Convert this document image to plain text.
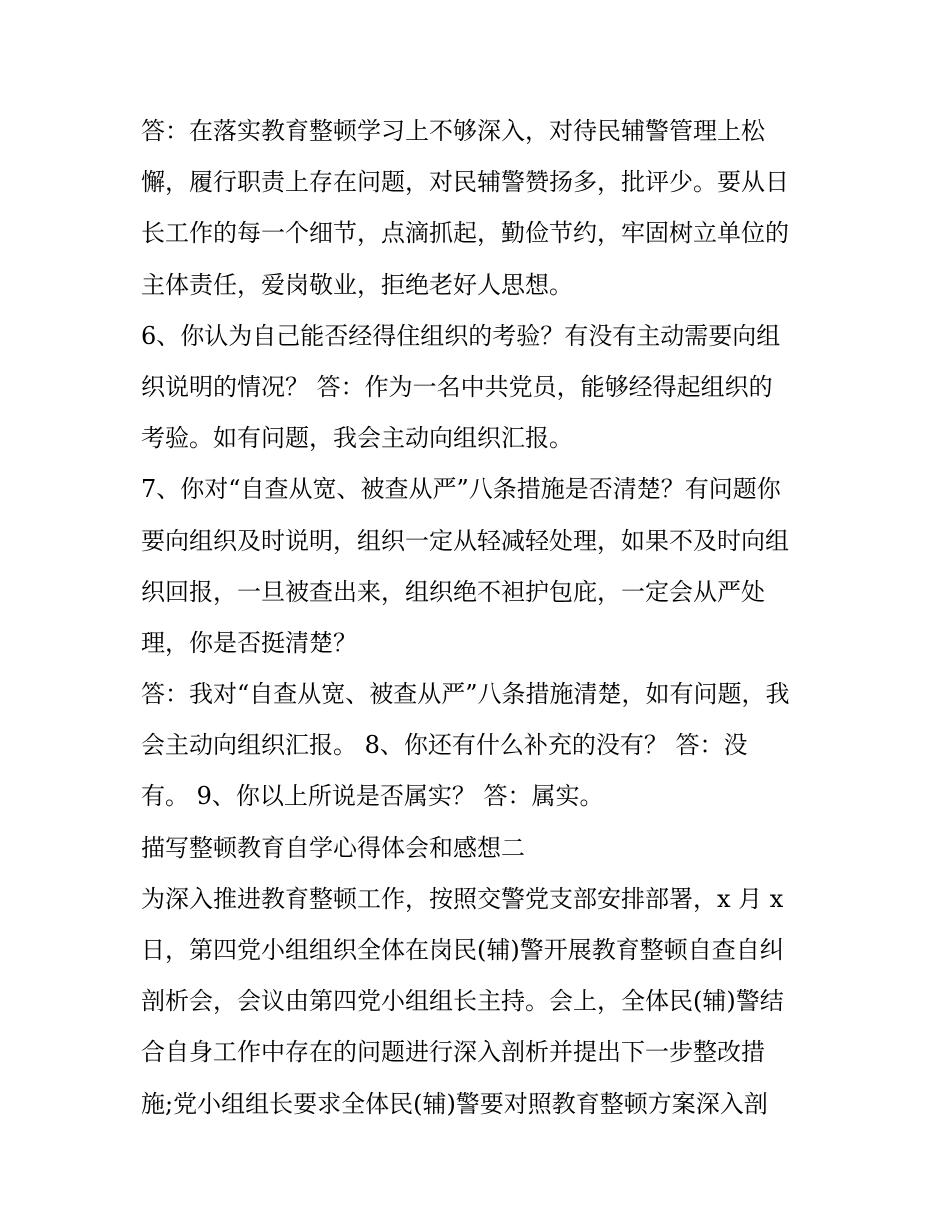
答：在落实教育整顿学习上不够深入，对待民辅警管理上松
懈，履行职责上存在问题，对民辅警赞扬多，批评少。要从日
长工作的每一个细节，点滴抓起，勤俭节约，牢固树立单位的
主体责任，爱岗敬业，拒绝老好人思想。
6、你认为自己能否经得住组织的考验？有没有主动需要向组
织说明的情况？ 答：作为一名中共党员，能够经得起组织的
考验。如有问题，我会主动向组织汇报。
7、你对“自查从宽、被查从严”八条措施是否清楚？有问题你
要向组织及时说明，组织一定从轻减轻处理，如果不及时向组
织回报，一旦被查出来，组织绝不袒护包庇，一定会从严处
理，你是否挺清楚？
答：我对“自查从宽、被查从严”八条措施清楚，如有问题，我
会主动向组织汇报。 8、你还有什么补充的没有？ 答：没
有。 9、你以上所说是否属实？ 答：属实。
描写整顿教育自学心得体会和感想二
为深入推进教育整顿工作，按照交警党支部安排部署，x 月 x
日，第四党小组组织全体在岗民(辅)警开展教育整顿自查自纠
剖析会，会议由第四党小组组长主持。会上，全体民(辅)警结
合自身工作中存在的问题进行深入剖析并提出下一步整改措
施;党小组组长要求全体民(辅)警要对照教育整顿方案深入剖
